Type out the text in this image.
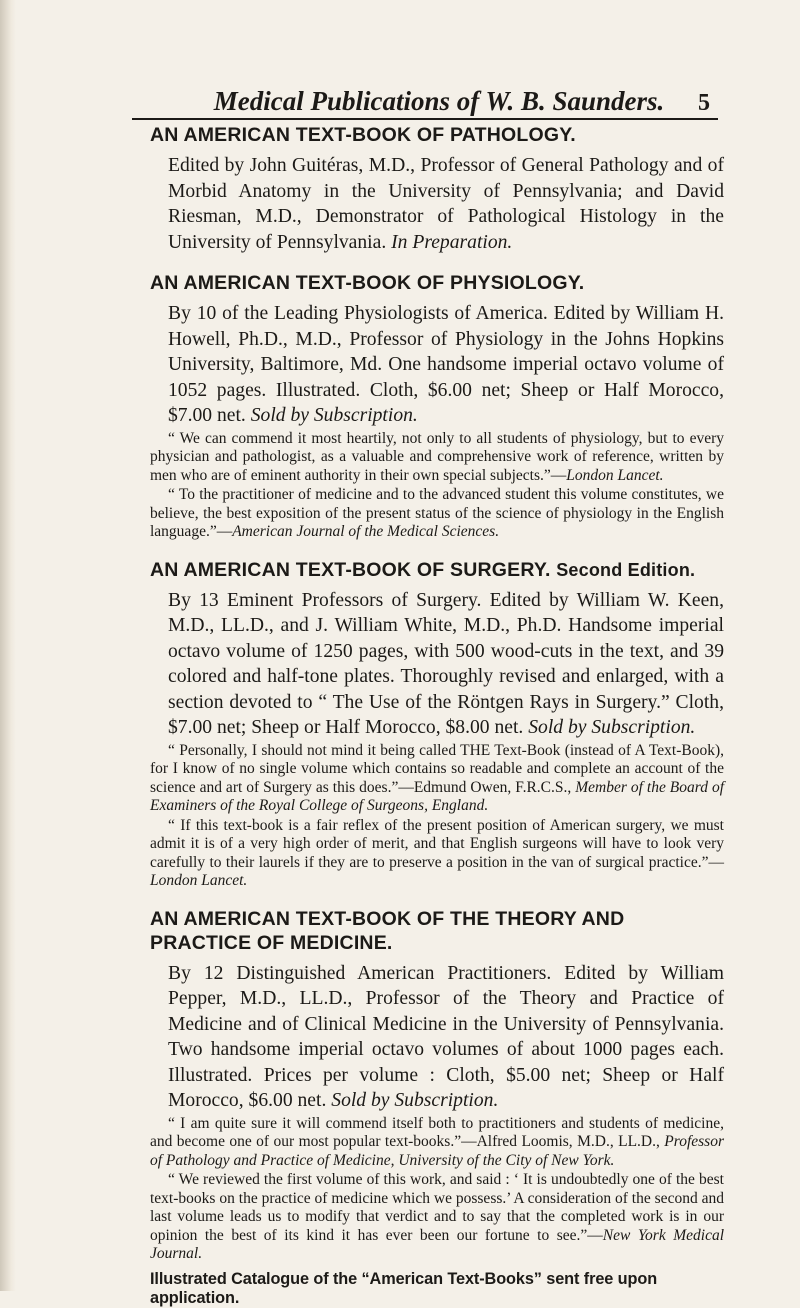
Medical Publications of W. B. Saunders.	5
AN AMERICAN TEXT-BOOK OF PATHOLOGY.

Edited by John Guitéras, M.D., Professor of General Pathology and of Morbid Anatomy in the University of Pennsylvania; and David Riesman, M.D., Demonstrator of Pathological Histology in the University of Pennsylvania. In Preparation.

AN AMERICAN TEXT-BOOK OF PHYSIOLOGY.

By 10 of the Leading Physiologists of America. Edited by William H. Howell, Ph.D., M.D., Professor of Physiology in the Johns Hopkins University, Baltimore, Md. One handsome imperial octavo volume of 1052 pages. Illustrated. Cloth, $6.00 net; Sheep or Half Morocco, $7.00 net. Sold by Subscription.

“ We can commend it most heartily, not only to all students of physiology, but to every physician and pathologist, as a valuable and comprehensive work of reference, written by men who are of eminent authority in their own special subjects.”—London Lancet.

“ To the practitioner of medicine and to the advanced student this volume constitutes, we believe, the best exposition of the present status of the science of physiology in the English language.”—American Journal of the Medical Sciences.

AN AMERICAN TEXT-BOOK OF SURGERY. Second Edition.

By 13 Eminent Professors of Surgery. Edited by William W. Keen, M.D., LL.D., and J. William White, M.D., Ph.D. Handsome imperial octavo volume of 1250 pages, with 500 wood-cuts in the text, and 39 colored and half-tone plates. Thoroughly revised and enlarged, with a section devoted to “ The Use of the Röntgen Rays in Surgery.” Cloth, $7.00 net; Sheep or Half Morocco, $8.00 net. Sold by Subscription.

“ Personally, I should not mind it being called THE Text-Book (instead of A Text-Book), for I know of no single volume which contains so readable and complete an account of the science and art of Surgery as this does.”—Edmund Owen, F.R.C.S., Member of the Board of Examiners of the Royal College of Surgeons, England.

“ If this text-book is a fair reflex of the present position of American surgery, we must admit it is of a very high order of merit, and that English surgeons will have to look very carefully to their laurels if they are to preserve a position in the van of surgical practice.”—London Lancet.

AN AMERICAN TEXT-BOOK OF THE THEORY AND PRACTICE OF MEDICINE.

By 12 Distinguished American Practitioners. Edited by William Pepper, M.D., LL.D., Professor of the Theory and Practice of Medicine and of Clinical Medicine in the University of Pennsylvania. Two handsome imperial octavo volumes of about 1000 pages each. Illustrated. Prices per volume : Cloth, $5.00 net; Sheep or Half Morocco, $6.00 net. Sold by Subscription.

“ I am quite sure it will commend itself both to practitioners and students of medicine, and become one of our most popular text-books.”—Alfred Loomis, M.D., LL.D., Professor of Pathology and Practice of Medicine, University of the City of New York.

“ We reviewed the first volume of this work, and said : ‘ It is undoubtedly one of the best text-books on the practice of medicine which we possess.’ A consideration of the second and last volume leads us to modify that verdict and to say that the completed work is in our opinion the best of its kind it has ever been our fortune to see.”—New York Medical Journal.

Illustrated Catalogue of the “American Text-Books” sent free upon application.
